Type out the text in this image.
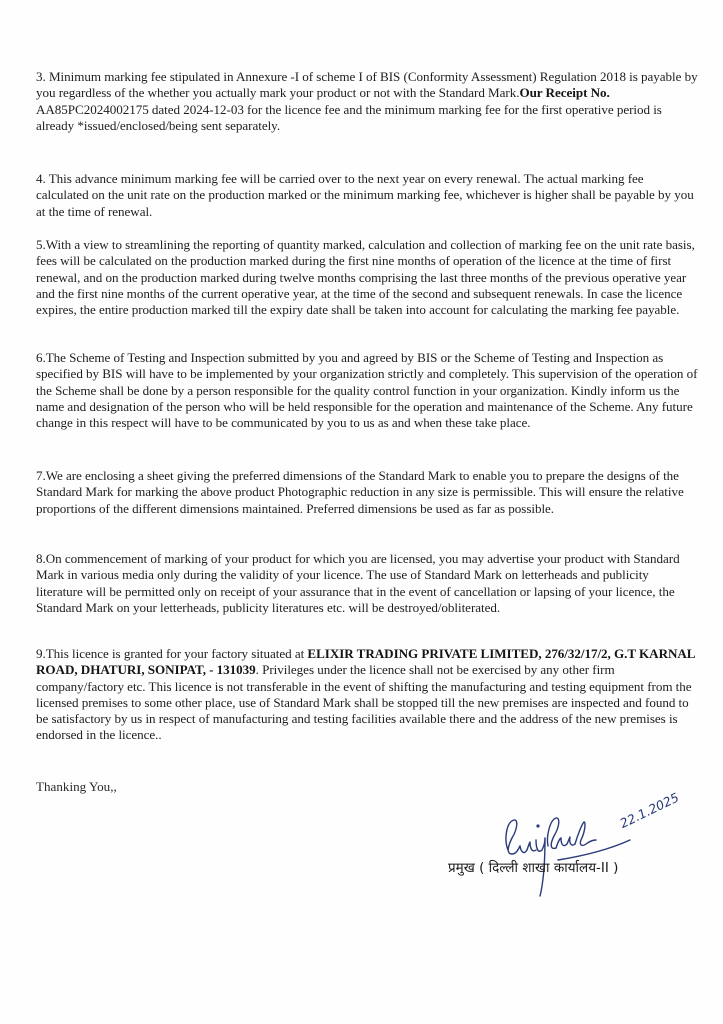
3. Minimum marking fee stipulated in Annexure -I of scheme I of BIS (Conformity Assessment) Regulation 2018 is payable by you regardless of the whether you actually mark your product or not with the Standard Mark.Our Receipt No. AA85PC2024002175 dated 2024-12-03 for the licence fee and the minimum marking fee for the first operative period is already *issued/enclosed/being sent separately.

4. This advance minimum marking fee will be carried over to the next year on every renewal. The actual marking fee calculated on the unit rate on the production marked or the minimum marking fee, whichever is higher shall be payable by you at the time of renewal.

5.With a view to streamlining the reporting of quantity marked, calculation and collection of marking fee on the unit rate basis, fees will be calculated on the production marked during the first nine months of operation of the licence at the time of first renewal, and on the production marked during twelve months comprising the last three months of the previous operative year and the first nine months of the current operative year, at the time of the second and subsequent renewals. In case the licence expires, the entire production marked till the expiry date shall be taken into account for calculating the marking fee payable.

6.The Scheme of Testing and Inspection submitted by you and agreed by BIS or the Scheme of Testing and Inspection as specified by BIS will have to be implemented by your organization strictly and completely. This supervision of the operation of the Scheme shall be done by a person responsible for the quality control function in your organization. Kindly inform us the name and designation of the person who will be held responsible for the operation and maintenance of the Scheme. Any future change in this respect will have to be communicated by you to us as and when these take place.

7.We are enclosing a sheet giving the preferred dimensions of the Standard Mark to enable you to prepare the designs of the Standard Mark for marking the above product Photographic reduction in any size is permissible. This will ensure the relative proportions of the different dimensions maintained. Preferred dimensions be used as far as possible.

8.On commencement of marking of your product for which you are licensed, you may advertise your product with Standard Mark in various media only during the validity of your licence. The use of Standard Mark on letterheads and publicity literature will be permitted only on receipt of your assurance that in the event of cancellation or lapsing of your licence, the Standard Mark on your letterheads, publicity literatures etc. will be destroyed/obliterated.

9.This licence is granted for your factory situated at ELIXIR TRADING PRIVATE LIMITED, 276/32/17/2, G.T KARNAL ROAD, DHATURI, SONIPAT, - 131039. Privileges under the licence shall not be exercised by any other firm company/factory etc. This licence is not transferable in the event of shifting the manufacturing and testing equipment from the licensed premises to some other place, use of Standard Mark shall be stopped till the new premises are inspected and found to be satisfactory by us in respect of manufacturing and testing facilities available there and the address of the new premises is endorsed in the licence..

Thanking You,,
22.1.2025
प्रमुख ( दिल्ली शाखा कार्यालय-II )
